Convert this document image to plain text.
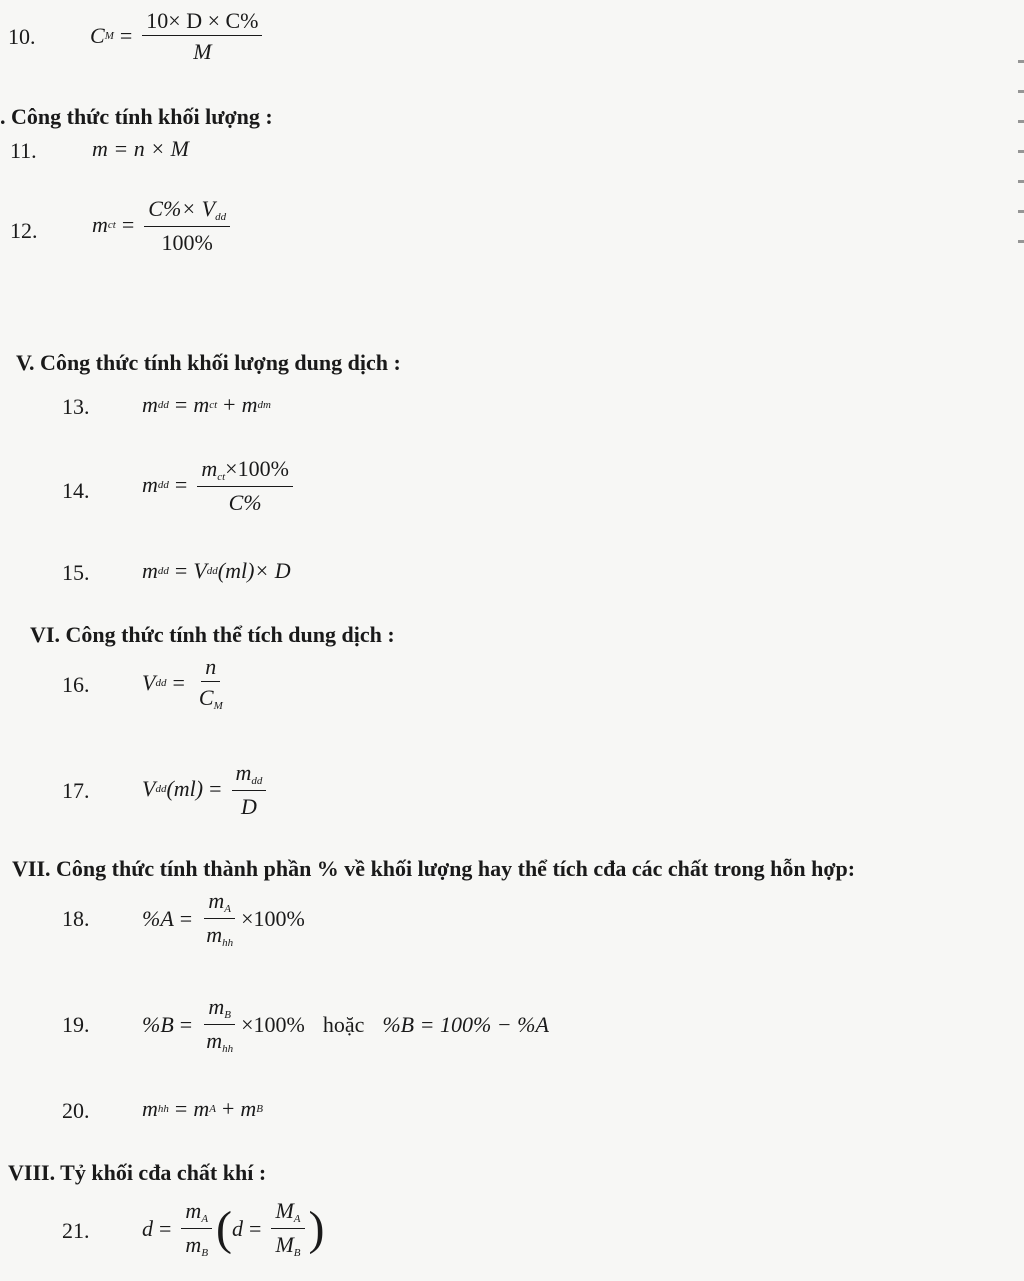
10. C $M = \frac{10\times D \times C\%}{M}$
. Công thức tính khối lượng :
11.	m = n × M
12. m ct = $\frac{C\%\times V_{dd}}{100\%}$
V. Công thức tính khối lượng dung dịch :
13. m dd = m ct + m dm
14. m dd = $\frac{m_{ct}\times 100\%}{C\%}$
15. m dd = V dd (ml)× D
VI. Công thức tính thể tích dung dịch :
16. V dd = $\frac{n}{C_M}$
17. V dd $(ml) = \frac{m_{dd}}{D}$
VII. Công thức tính thành phần % về khối lượng hay thể tích cđa các chất trong hỗn hợp:
18. $\%A = \frac{m_A}{m_{hh}} \times 100\%$
19. $\%B = \frac{m_B}{m_{hh}} \times 100\%$ hoặc %B = 100% − %A
20. m hh = m A + m B
VIII. Tỷ khối cđa chất khí :
21. $d = \frac{m_A}{m_B}$ ( $d = \frac{M_A}{M_B}$ )
